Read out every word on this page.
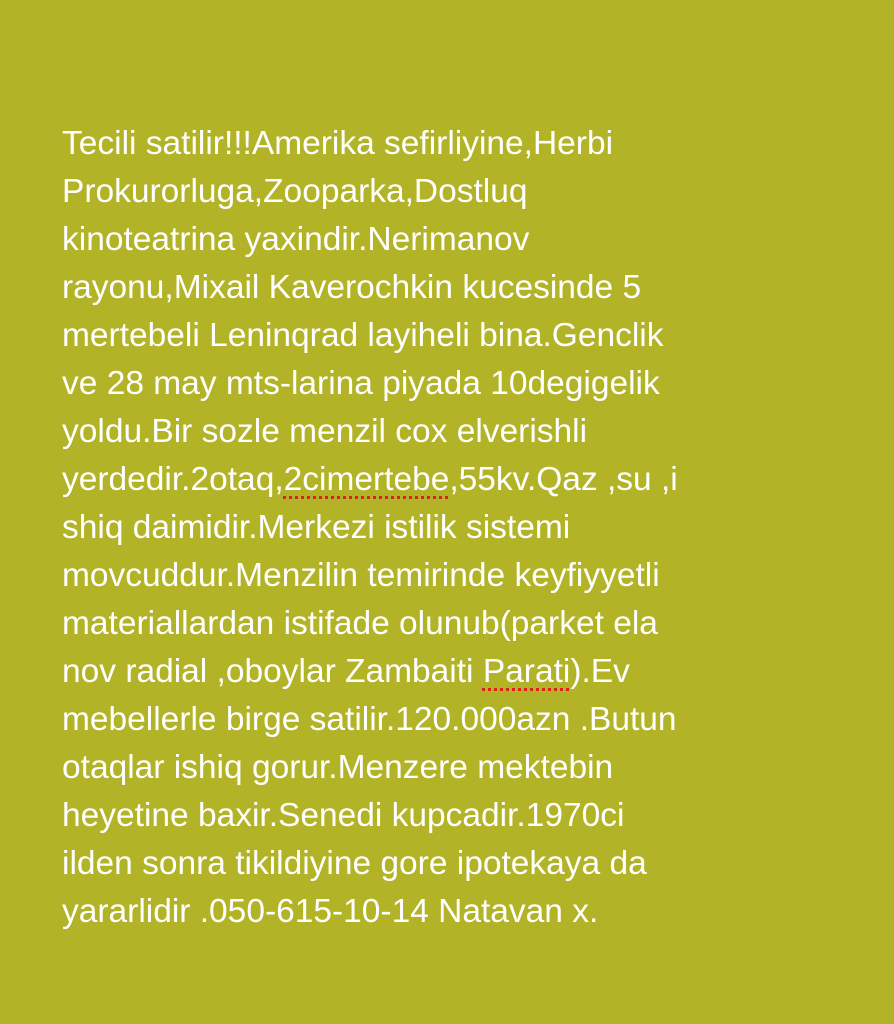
Tecili satilir!!!Amerika sefirliyine,Herbi
Prokurorluga,Zooparka,Dostluq
kinoteatrina yaxindir.Nerimanov
rayonu,Mixail Kaverochkin kucesinde 5
mertebeli Leninqrad layiheli bina.Genclik
ve 28 may mts-larina piyada 10degigelik
yoldu.Bir sozle menzil cox elverishli
yerdedir.2otaq,2cimertebe,55kv.Qaz ,su ,i
shiq daimidir.Merkezi istilik sistemi
movcuddur.Menzilin temirinde keyfiyyetli
materiallardan istifade olunub(parket ela
nov radial ,oboylar Zambaiti Parati).Ev
mebellerle birge satilir.120.000azn .Butun
otaqlar ishiq gorur.Menzere mektebin
heyetine baxir.Senedi kupcadir.1970ci
ilden sonra tikildiyine gore ipotekaya da
yararlidir .050-615-10-14 Natavan x.
